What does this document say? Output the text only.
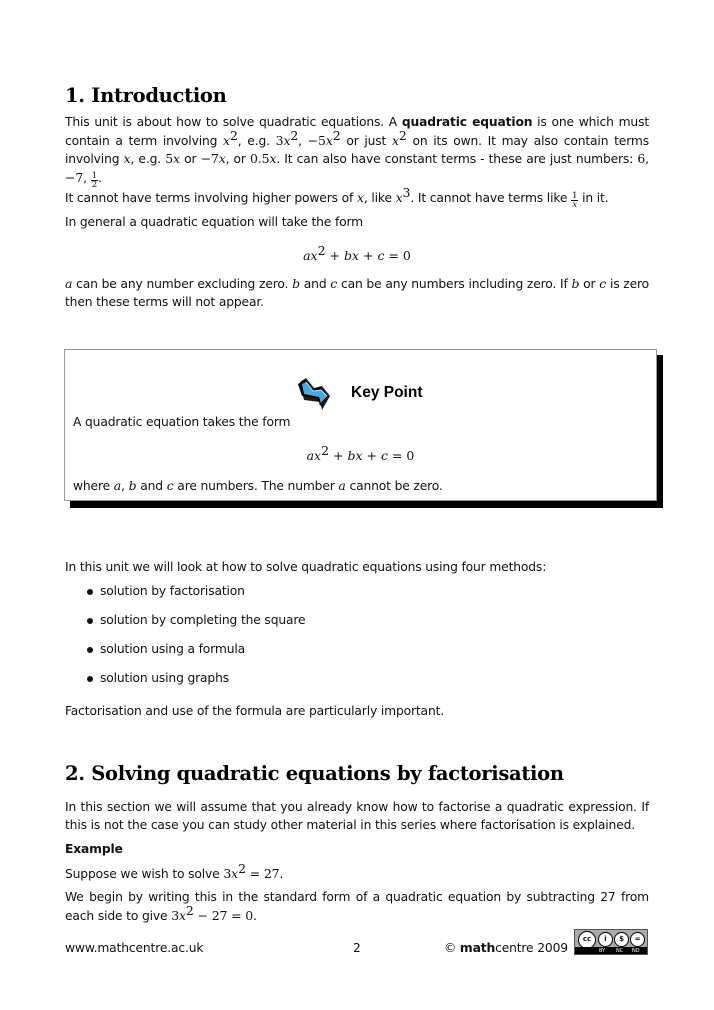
1. Introduction

This unit is about how to solve quadratic equations. A quadratic equation is one which must contain a term involving $x^2$, e.g. $3x^2$, $-5x^2$ or just $x^2$ on its own. It may also contain terms involving x, e.g. 5x or −7x, or 0.5x. It can also have constant terms - these are just numbers: 6, −7, $\frac{1}{2}$ .

It cannot have terms involving higher powers of x, like $x^3$. It cannot have terms like $\frac{1}{x}$ in it.

In general a quadratic equation will take the form

$ax^2$ + bx + c = 0

a can be any number excluding zero. b and c can be any numbers including zero. If b or c is zero then these terms will not appear.

Key Point
A quadratic equation takes the form
$ax^2$ + bx + c = 0
where a, b and c are numbers. The number a cannot be zero.

In this unit we will look at how to solve quadratic equations using four methods:

solution by factorisation
solution by completing the square
solution using a formula
solution using graphs

Factorisation and use of the formula are particularly important.

2. Solving quadratic equations by factorisation

In this section we will assume that you already know how to factorise a quadratic expression. If this is not the case you can study other material in this series where factorisation is explained.

Example

Suppose we wish to solve $3x^2 = 27$.

We begin by writing this in the standard form of a quadratic equation by subtracting 27 from each side to give $3x^2 - 27 = 0$.

www.mathcentre.ac.uk	2	© mathcentre 2009
cc	i	$	=
BY NC ND
